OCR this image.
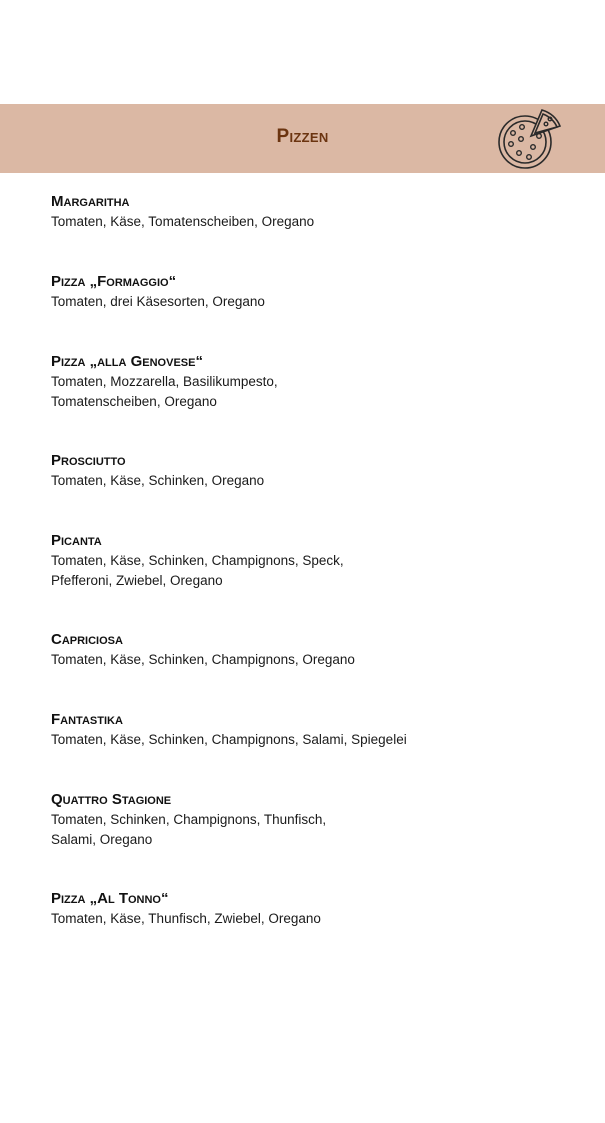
Pizzen
Margaritha
Tomaten, Käse, Tomatenscheiben, Oregano
Pizza „Formaggio“
Tomaten, drei Käsesorten, Oregano
Pizza „alla Genovese“
Tomaten, Mozzarella, Basilikumpesto,
Tomatenscheiben, Oregano
Prosciutto
Tomaten, Käse, Schinken, Oregano
Picanta
Tomaten, Käse, Schinken, Champignons, Speck,
Pfefferoni, Zwiebel, Oregano
Capriciosa
Tomaten, Käse, Schinken, Champignons, Oregano
Fantastika
Tomaten, Käse, Schinken, Champignons, Salami, Spiegelei
Quattro Stagione
Tomaten, Schinken, Champignons, Thunfisch,
Salami, Oregano
Pizza „Al Tonno“
Tomaten, Käse, Thunfisch, Zwiebel, Oregano
